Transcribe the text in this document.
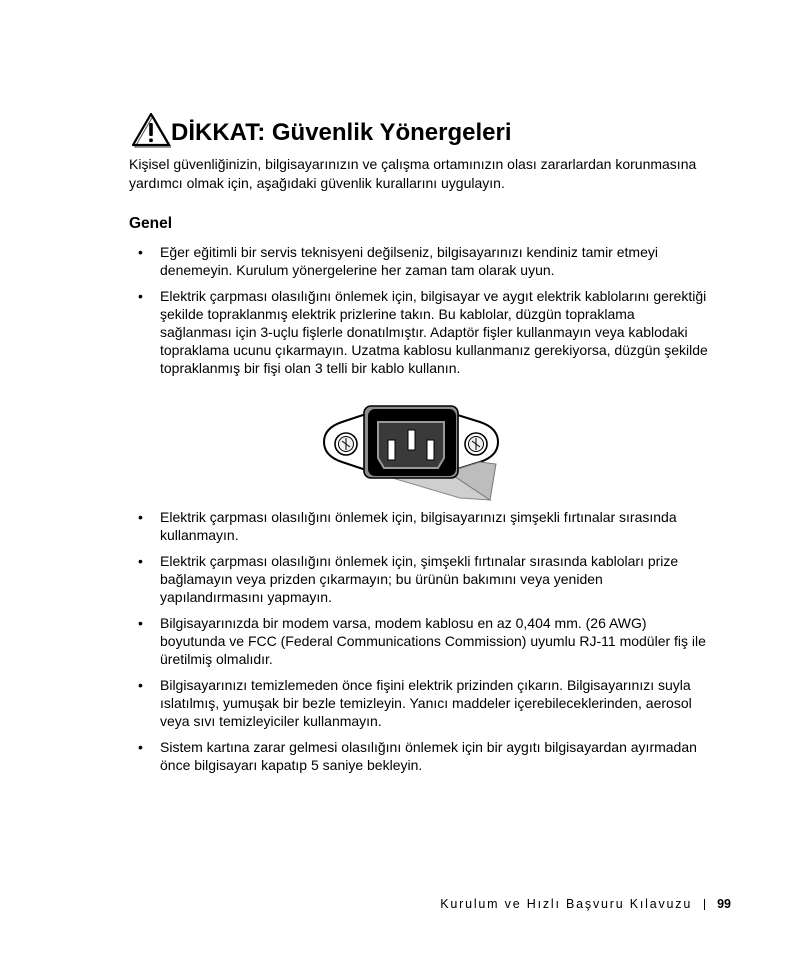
DİKKAT: Güvenlik Yönergeleri

Kişisel güvenliğinizin, bilgisayarınızın ve çalışma ortamınızın olası zararlardan korunmasına yardımcı olmak için, aşağıdaki güvenlik kurallarını uygulayın.

Genel
• Eğer eğitimli bir servis teknisyeni değilseniz, bilgisayarınızı kendiniz tamir etmeyi denemeyin. Kurulum yönergelerine her zaman tam olarak uyun.
• Elektrik çarpması olasılığını önlemek için, bilgisayar ve aygıt elektrik kablolarını gerektiği şekilde topraklanmış elektrik prizlerine takın. Bu kablolar, düzgün topraklama sağlanması için 3-uçlu fişlerle donatılmıştır. Adaptör fişler kullanmayın veya kablodaki topraklama ucunu çıkarmayın. Uzatma kablosu kullanmanız gerekiyorsa, düzgün şekilde topraklanmış bir fişi olan 3 telli bir kablo kullanın.
• Elektrik çarpması olasılığını önlemek için, bilgisayarınızı şimşekli fırtınalar sırasında kullanmayın.
• Elektrik çarpması olasılığını önlemek için, şimşekli fırtınalar sırasında kabloları prize bağlamayın veya prizden çıkarmayın; bu ürünün bakımını veya yeniden yapılandırmasını yapmayın.
• Bilgisayarınızda bir modem varsa, modem kablosu en az 0,404 mm. (26 AWG) boyutunda ve FCC (Federal Communications Commission) uyumlu RJ-11 modüler fiş ile üretilmiş olmalıdır.
• Bilgisayarınızı temizlemeden önce fişini elektrik prizinden çıkarın. Bilgisayarınızı suyla ıslatılmış, yumuşak bir bezle temizleyin. Yanıcı maddeler içerebileceklerinden, aerosol veya sıvı temizleyiciler kullanmayın.
• Sistem kartına zarar gelmesi olasılığını önlemek için bir aygıtı bilgisayardan ayırmadan önce bilgisayarı kapatıp 5 saniye bekleyin.
Kurulum ve Hızlı Başvuru Kılavuzu 99
